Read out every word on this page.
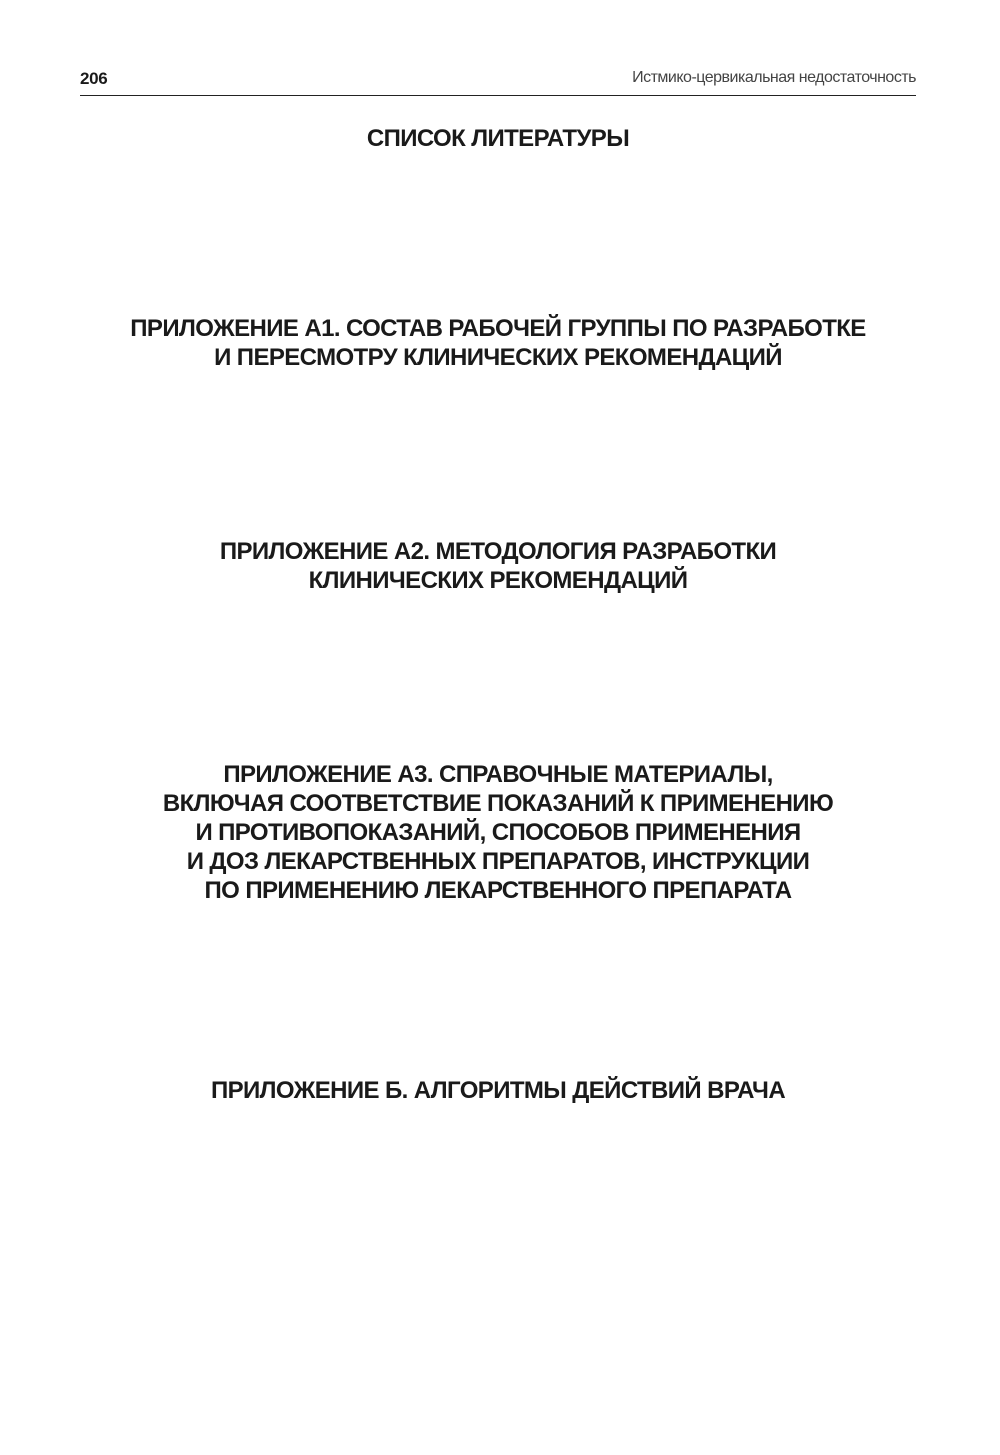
206	Истмико-цервикальная недостаточность
СПИСОК ЛИТЕРАТУРЫ
ПРИЛОЖЕНИЕ А1. СОСТАВ РАБОЧЕЙ ГРУППЫ ПО РАЗРАБОТКЕ
И ПЕРЕСМОТРУ КЛИНИЧЕСКИХ РЕКОМЕНДАЦИЙ
ПРИЛОЖЕНИЕ А2. МЕТОДОЛОГИЯ РАЗРАБОТКИ
КЛИНИЧЕСКИХ РЕКОМЕНДАЦИЙ
ПРИЛОЖЕНИЕ А3. СПРАВОЧНЫЕ МАТЕРИАЛЫ,
ВКЛЮЧАЯ СООТВЕТСТВИЕ ПОКАЗАНИЙ К ПРИМЕНЕНИЮ
И ПРОТИВОПОКАЗАНИЙ, СПОСОБОВ ПРИМЕНЕНИЯ
И ДОЗ ЛЕКАРСТВЕННЫХ ПРЕПАРАТОВ, ИНСТРУКЦИИ
ПО ПРИМЕНЕНИЮ ЛЕКАРСТВЕННОГО ПРЕПАРАТА
ПРИЛОЖЕНИЕ Б. АЛГОРИТМЫ ДЕЙСТВИЙ ВРАЧА
